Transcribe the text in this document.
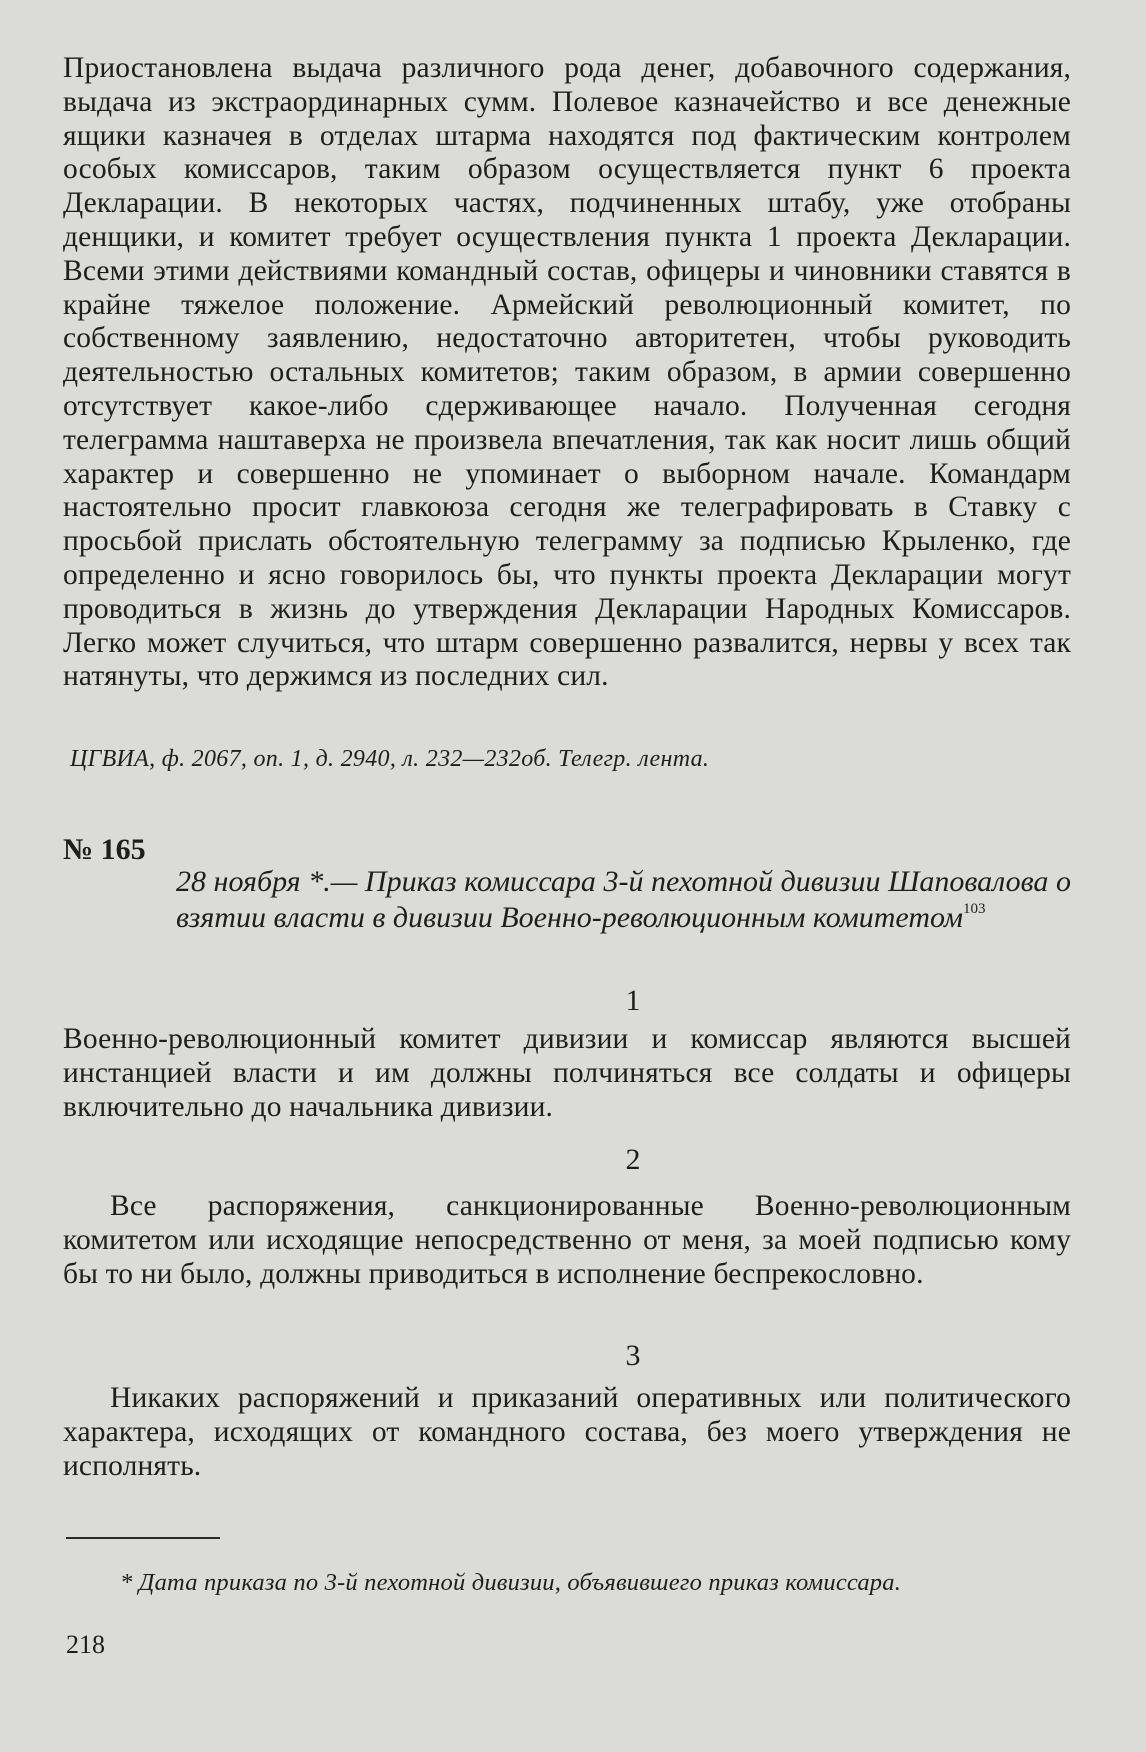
Приостановлена выдача различного рода денег, добавочного содержания, выдача из экстраординарных сумм. Полевое казначейство и все денежные ящики казначея в отделах штарма находятся под фактическим контролем особых комиссаров, таким образом осуществляется пункт 6 проекта Декларации. В некоторых частях, подчиненных штабу, уже отобраны денщики, и комитет требует осуществления пункта 1 проекта Декларации. Всеми этими действиями командный состав, офицеры и чиновники ставятся в крайне тяжелое положение. Армейский революционный комитет, по собственному заявлению, недостаточно авторитетен, чтобы руководить деятельностью остальных комитетов; таким образом, в армии совершенно отсутствует какое-либо сдерживающее начало. Полученная сегодня телеграмма наштаверха не произвела впечатления, так как носит лишь общий характер и совершенно не упоминает о выборном начале. Командарм настоятельно просит главкоюза сегодня же телеграфировать в Ставку с просьбой прислать обстоятельную телеграмму за подписью Крыленко, где определенно и ясно говорилось бы, что пункты проекта Декларации могут проводиться в жизнь до утверждения Декларации Народных Комиссаров. Легко может случиться, что штарм совершенно развалится, нервы у всех так натянуты, что держимся из последних сил.

ЦГВИА, ф. 2067, оп. 1, д. 2940, л. 232—232об. Телегр. лента.

№ 165

28 ноября *.— Приказ комиссара 3-й пехотной дивизии Шаповалова о взятии власти в дивизии Военно-революционным комитетом$^{103}$

1

Военно-революционный комитет дивизии и комиссар являются высшей инстанцией власти и им должны полчиняться все солдаты и офицеры включительно до начальника дивизии.

2

Все распоряжения, санкционированные Военно-революционным комитетом или исходящие непосредственно от меня, за моей подписью кому бы то ни было, должны приводиться в исполнение беспрекословно.

3

Никаких распоряжений и приказаний оперативных или политического характера, исходящих от командного состава, без моего утверждения не исполнять.

* Дата приказа по 3-й пехотной дивизии, объявившего приказ комиссара.

218
